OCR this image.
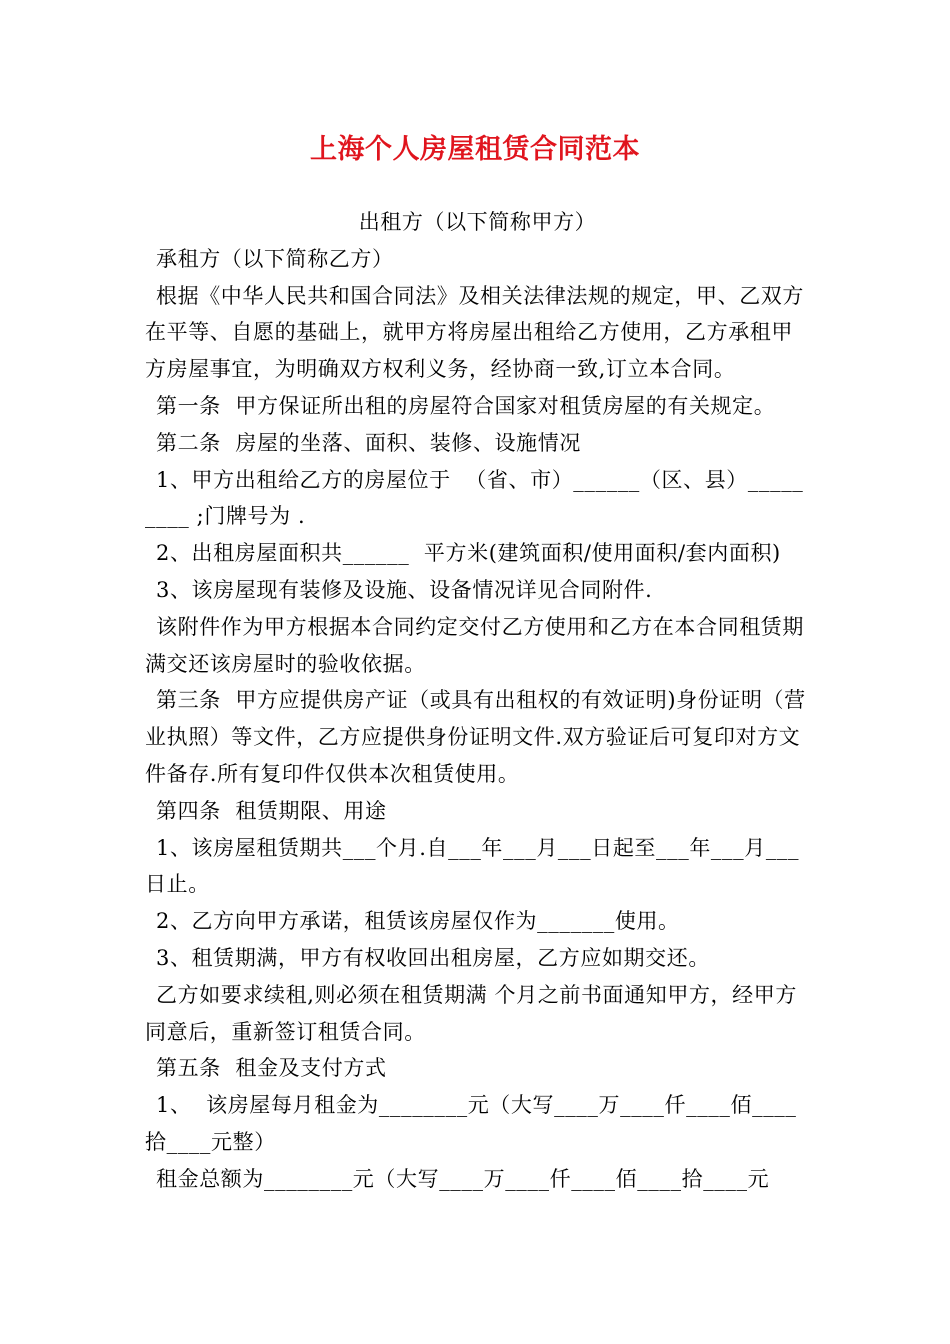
上海个人房屋租赁合同范本

出租方（以下简称甲方）

承租方（以下简称乙方）

根据《中华人民共和国合同法》及相关法律法规的规定，甲、乙双方在平等、自愿的基础上，就甲方将房屋出租给乙方使用，乙方承租甲方房屋事宜，为明确双方权利义务，经协商一致,订立本合同。

第一条  甲方保证所出租的房屋符合国家对租赁房屋的有关规定。

第二条  房屋的坐落、面积、装修、设施情况

1、甲方出租给乙方的房屋位于  （省、市）______（区、县）_________ ;门牌号为 .

2、出租房屋面积共______  平方米(建筑面积/使用面积/套内面积)

3、该房屋现有装修及设施、设备情况详见合同附件.

该附件作为甲方根据本合同约定交付乙方使用和乙方在本合同租赁期满交还该房屋时的验收依据。

第三条  甲方应提供房产证（或具有出租权的有效证明)身份证明（营业执照）等文件，乙方应提供身份证明文件.双方验证后可复印对方文件备存.所有复印件仅供本次租赁使用。

第四条  租赁期限、用途

1、该房屋租赁期共___个月.自___年___月___日起至___年___月___日止。

2、乙方向甲方承诺，租赁该房屋仅作为_______使用。

3、租赁期满，甲方有权收回出租房屋，乙方应如期交还。

乙方如要求续租,则必须在租赁期满 个月之前书面通知甲方，经甲方同意后，重新签订租赁合同。

第五条  租金及支付方式

1、  该房屋每月租金为________元（大写____万____仟____佰____拾____元整）

租金总额为________元（大写____万____仟____佰____拾____元
